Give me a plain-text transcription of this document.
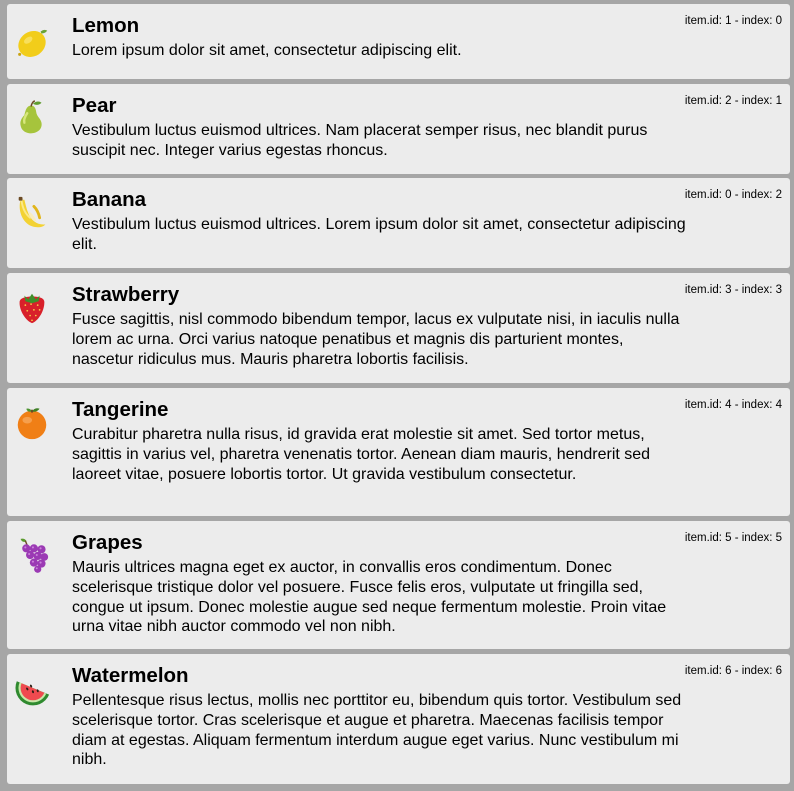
Lemon

Lorem ipsum dolor sit amet, consectetur adipiscing elit.

item.id: 1 - index: 0
Pear

Vestibulum luctus euismod ultrices. Nam placerat semper risus, nec blandit purus suscipit nec. Integer varius egestas rhoncus.

item.id: 2 - index: 1
Banana

Vestibulum luctus euismod ultrices. Lorem ipsum dolor sit amet, consectetur adipiscing elit.

item.id: 0 - index: 2
Strawberry

Fusce sagittis, nisl commodo bibendum tempor, lacus ex vulputate nisi, in iaculis nulla lorem ac urna. Orci varius natoque penatibus et magnis dis parturient montes, nascetur ridiculus mus. Mauris pharetra lobortis facilisis.

item.id: 3 - index: 3
Tangerine

Curabitur pharetra nulla risus, id gravida erat molestie sit amet. Sed tortor metus, sagittis in varius vel, pharetra venenatis tortor. Aenean diam mauris, hendrerit sed laoreet vitae, posuere lobortis tortor. Ut gravida vestibulum consectetur.

item.id: 4 - index: 4
Grapes

Mauris ultrices magna eget ex auctor, in convallis eros condimentum. Donec scelerisque tristique dolor vel posuere. Fusce felis eros, vulputate ut fringilla sed, congue ut ipsum. Donec molestie augue sed neque fermentum molestie. Proin vitae urna vitae nibh auctor commodo vel non nibh.

item.id: 5 - index: 5
Watermelon

Pellentesque risus lectus, mollis nec porttitor eu, bibendum quis tortor. Vestibulum sed scelerisque tortor. Cras scelerisque et augue et pharetra. Maecenas facilisis tempor diam at egestas. Aliquam fermentum interdum augue eget varius. Nunc vestibulum mi nibh.

item.id: 6 - index: 6
